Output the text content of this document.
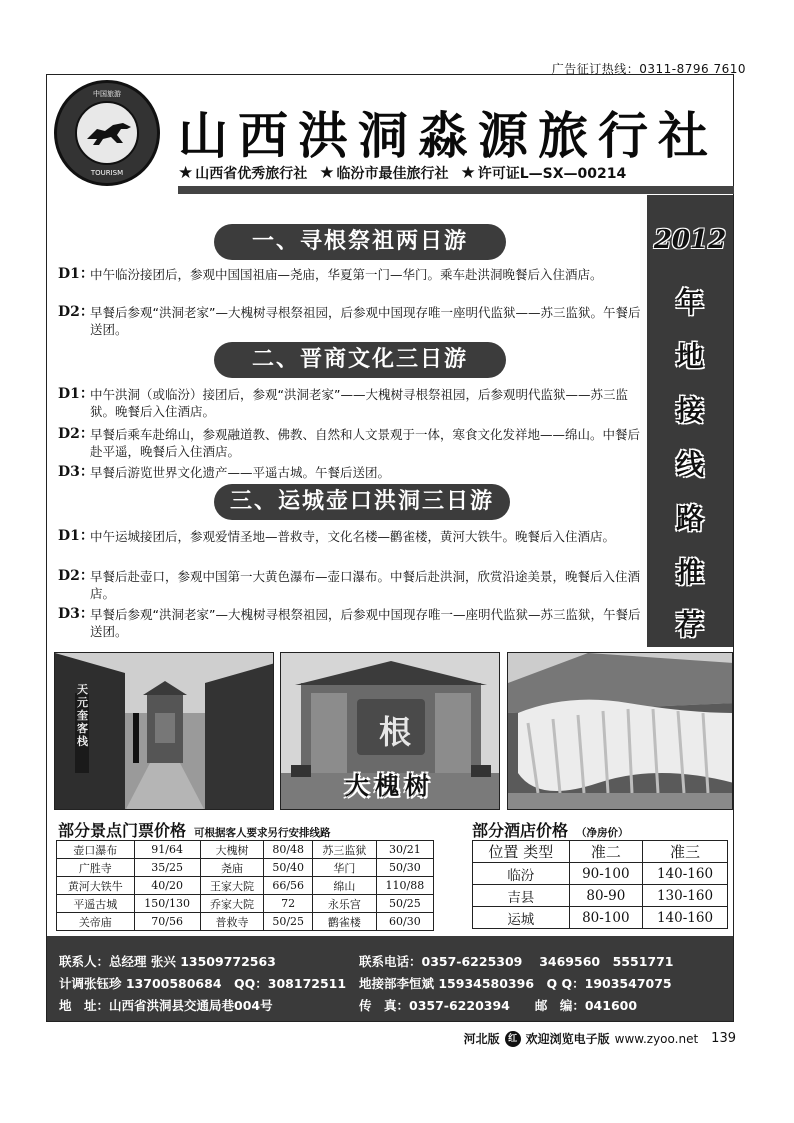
广告征订热线：0311-8796 7610
中国旅游
TOURISM
山西洪洞淼源旅行社
★ 山西省优秀旅行社 ★ 临汾市最佳旅行社 ★ 许可证L—SX—00214
2012
年
地
接
线
路
推
荐
一、寻根祭祖两日游
D1：
中午临汾接团后，参观中国国祖庙—尧庙，华夏第一门—华门。乘车赴洪洞晚餐后入住酒店。
D2：
早餐后参观“洪洞老家”—大槐树寻根祭祖园，后参观中国现存唯一座明代监狱——苏三监狱。午餐后送团。
二、晋商文化三日游
D1：
中午洪洞（或临汾）接团后，参观“洪洞老家”——大槐树寻根祭祖园，后参观明代监狱——苏三监狱。晚餐后入住酒店。
D2：
早餐后乘车赴绵山，参观融道教、佛教、自然和人文景观于一体，寒食文化发祥地——绵山。中餐后赴平遥，晚餐后入住酒店。
D3：
早餐后游览世界文化遗产——平遥古城。午餐后送团。
三、运城壶口洪洞三日游
D1：
中午运城接团后，参观爱情圣地—普救寺，文化名楼—鹳雀楼，黄河大铁牛。晚餐后入住酒店。
D2：
早餐后赴壶口，参观中国第一大黄色瀑布—壶口瀑布。中餐后赴洪洞，欣赏沿途美景，晚餐后入住酒店。
D3：
早餐后参观“洪洞老家”—大槐树寻根祭祖园，后参观中国现存唯一—座明代监狱—苏三监狱，午餐后送团。
天元奎客栈	根
大槐树
部分景点门票价格 可根据客人要求另行安排线路
壶口瀑布	91/64	大槐树	80/48	苏三监狱	30/21
广胜寺	35/25	尧庙	50/40	华门	50/30
黄河大铁牛	40/20	王家大院	66/56	绵山	110/88
平遥古城	150/130	乔家大院	72	永乐宫	50/25
关帝庙	70/56	普救寺	50/25	鹳雀楼	60/30
部分酒店价格 （净房价）
位置 类型	准二	准三
临汾	90-100	140-160
吉县	80-90	130-160
运城	80-100	140-160
联系人：总经理 张兴 13509772563	联系电话：0357-6225309　 3469560　5551771
计调张钰珍 13700580684　QQ：308172511 地接部李恒斌 15934580396　Q Q：1903547075
地　址：山西省洪洞县交通局巷004号	传　真：0357-6220394　　邮　编：041600
河北版 红 欢迎浏览电子版 www.zyoo.net 139
